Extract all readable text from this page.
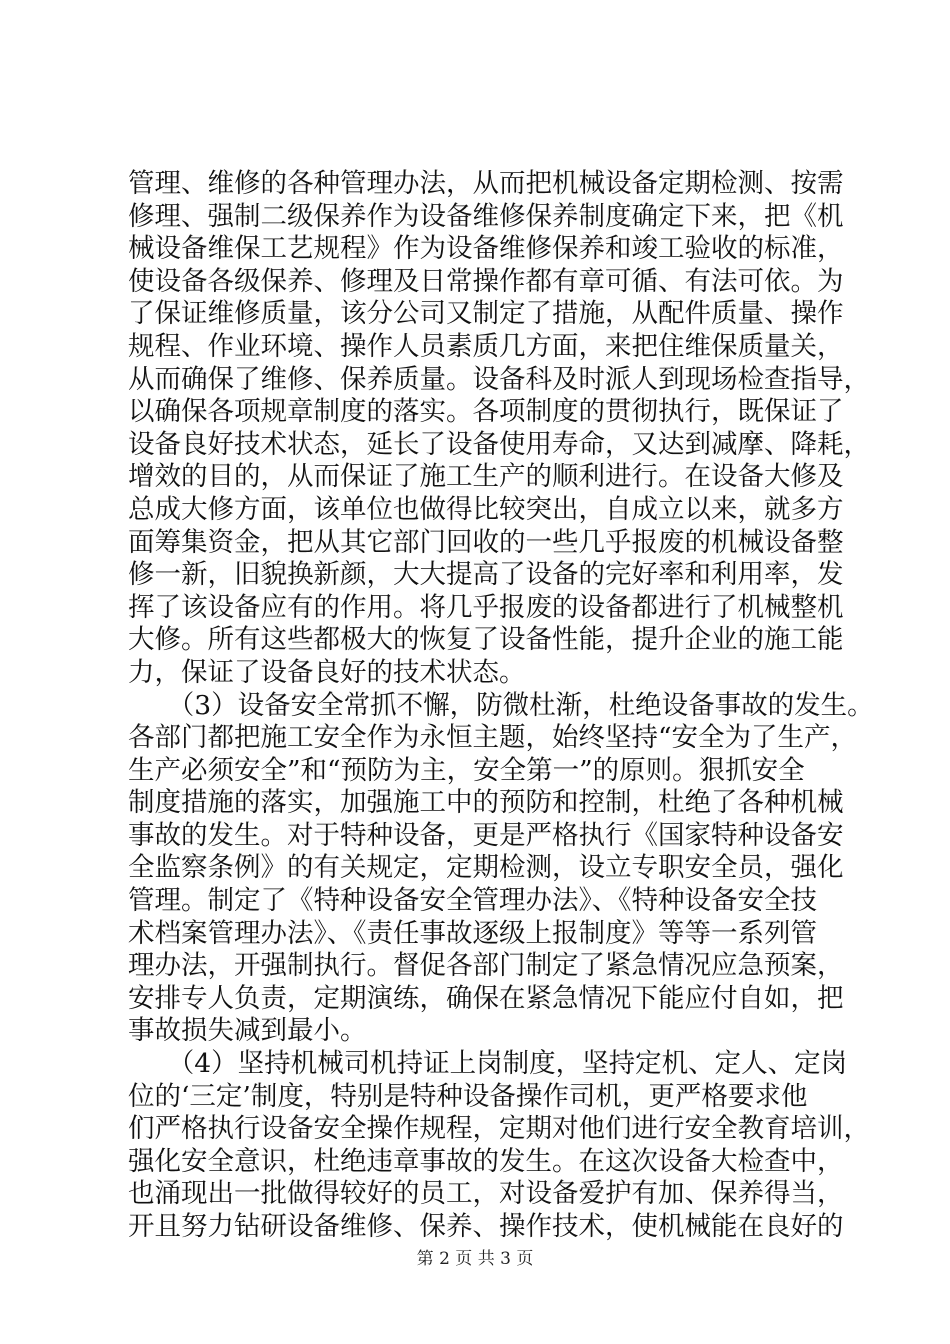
管理、维修的各种管理办法，从而把机械设备定期检测、按需
修理、强制二级保养作为设备维修保养制度确定下来，把《机
械设备维保工艺规程》作为设备维修保养和竣工验收的标准，
使设备各级保养、修理及日常操作都有章可循、有法可依。为
了保证维修质量，该分公司又制定了措施，从配件质量、操作
规程、作业环境、操作人员素质几方面，来把住维保质量关，
从而确保了维修、保养质量。设备科及时派人到现场检查指导，
以确保各项规章制度的落实。各项制度的贯彻执行，既保证了
设备良好技术状态，延长了设备使用寿命，又达到减摩、降耗，
增效的目的，从而保证了施工生产的顺利进行。在设备大修及
总成大修方面，该单位也做得比较突出，自成立以来，就多方
面筹集资金，把从其它部门回收的一些几乎报废的机械设备整
修一新，旧貌换新颜，大大提高了设备的完好率和利用率，发
挥了该设备应有的作用。将几乎报废的设备都进行了机械整机
大修。所有这些都极大的恢复了设备性能，提升企业的施工能
力，保证了设备良好的技术状态。
　　（3）设备安全常抓不懈，防微杜渐，杜绝设备事故的发生。
各部门都把施工安全作为永恒主题，始终坚持“安全为了生产，
生产必须安全”和“预防为主，安全第一”的原则。狠抓安全
制度措施的落实，加强施工中的预防和控制，杜绝了各种机械
事故的发生。对于特种设备，更是严格执行《国家特种设备安
全监察条例》的有关规定，定期检测，设立专职安全员，强化
管理。制定了《特种设备安全管理办法》、《特种设备安全技
术档案管理办法》、《责任事故逐级上报制度》等等一系列管
理办法，开强制执行。督促各部门制定了紧急情况应急预案，
安排专人负责，定期演练，确保在紧急情况下能应付自如，把
事故损失减到最小。
　　（4）坚持机械司机持证上岗制度，坚持定机、定人、定岗
位的‘三定’制度，特别是特种设备操作司机，更严格要求他
们严格执行设备安全操作规程，定期对他们进行安全教育培训，
强化安全意识，杜绝违章事故的发生。在这次设备大检查中，
也涌现出一批做得较好的员工，对设备爱护有加、保养得当，
开且努力钻研设备维修、保养、操作技术，使机械能在良好的
第 2 页 共 3 页
